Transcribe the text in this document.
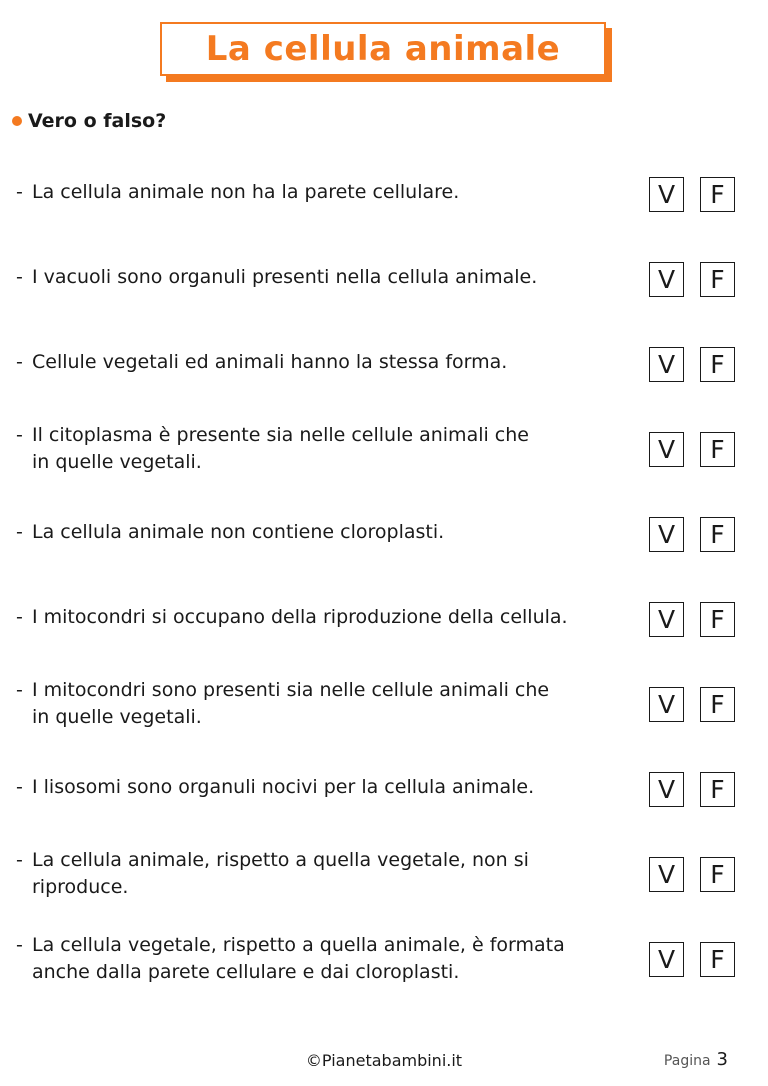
La cellula animale
Vero o falso?
- La cellula animale non ha la parete cellulare.	V	F
- I vacuoli sono organuli presenti nella cellula animale.	V	F
- Cellule vegetali ed animali hanno la stessa forma.	V	F
- Il citoplasma è presente sia nelle cellule animali che
in quelle vegetali.	V	F
- La cellula animale non contiene cloroplasti.	V	F
- I mitocondri si occupano della riproduzione della cellula.	V	F
- I mitocondri sono presenti sia nelle cellule animali che
in quelle vegetali.	V	F
- I lisosomi sono organuli nocivi per la cellula animale.	V	F
- La cellula animale, rispetto a quella vegetale, non si
riproduce.	V	F
- La cellula vegetale, rispetto a quella animale, è formata
anche dalla parete cellulare e dai cloroplasti.	V	F
©Pianetabambini.it	Pagina 3
